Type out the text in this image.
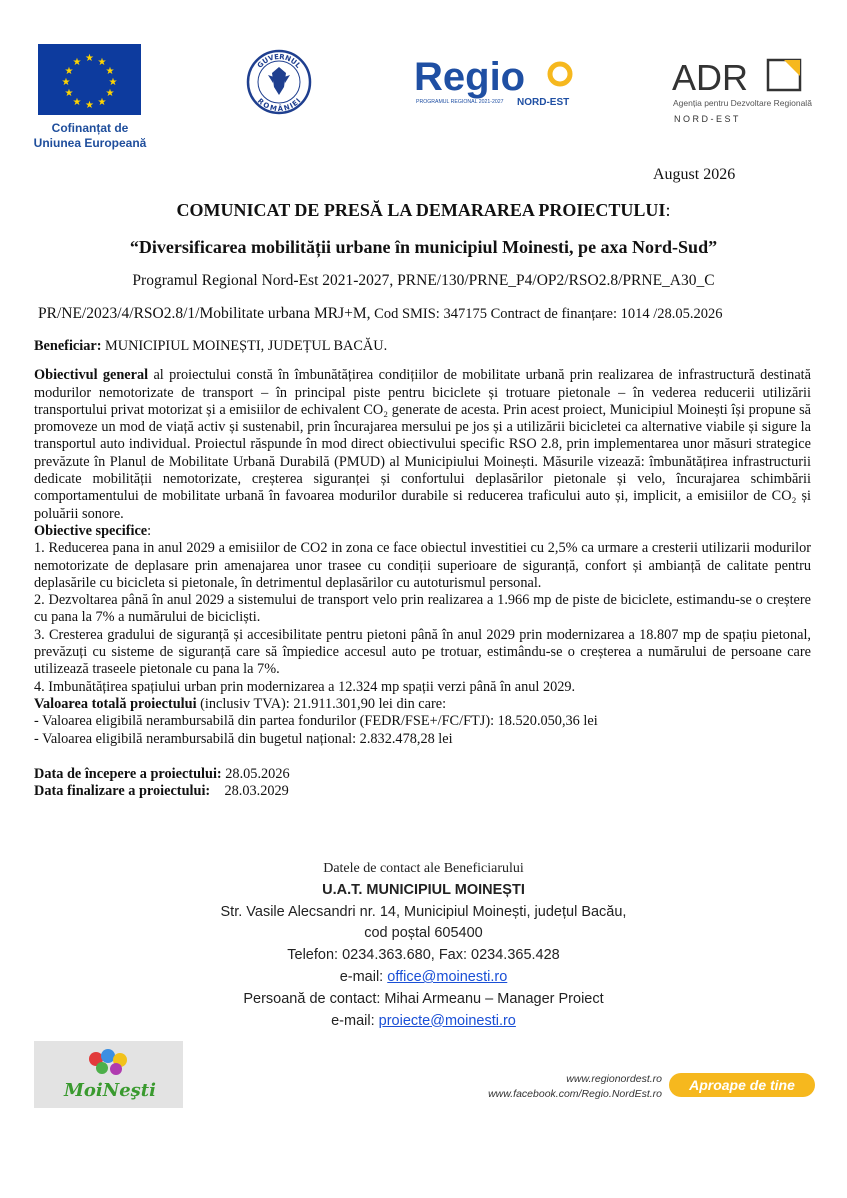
★ ★
★
★
★
★
★
★
★
★
★
★
Cofinanțat de
Uniunea Europeană
GUVERNUL
ROMÂNIEI
Regio
PROGRAMUL REGIONAL 2021-2027 NORD-EST
ADR
Agenția pentru Dezvoltare Regională
N O R D - E S T
August 2026
COMUNICAT DE PRESĂ LA DEMARAREA PROIECTULUI:
“Diversificarea mobilității urbane în municipiul Moinesti, pe axa Nord-Sud”
Programul Regional Nord-Est 2021-2027, PRNE/130/PRNE_P4/OP2/RSO2.8/PRNE_A30_C
PR/NE/2023/4/RSO2.8/1/Mobilitate urbana MRJ+M, Cod SMIS: 347175 Contract de finanțare: 1014 /28.05.2026

Beneficiar: MUNICIPIUL MOINEȘTI, JUDEȚUL BACĂU.

Obiectivul general al proiectului constă în îmbunătățirea condițiilor de mobilitate urbană prin realizarea de infrastructură destinată modurilor nemotorizate de transport – în principal piste pentru biciclete și trotuare pietonale – în vederea reducerii utilizării transportului privat motorizat și a emisiilor de echivalent CO₂ generate de acesta. Prin acest proiect, Municipiul Moinești își propune să promoveze un mod de viață activ și sustenabil, prin încurajarea mersului pe jos și a utilizării bicicletei ca alternative viabile și sigure la transportul auto individual. Proiectul răspunde în mod direct obiectivului specific RSO 2.8, prin implementarea unor măsuri strategice prevăzute în Planul de Mobilitate Urbană Durabilă (PMUD) al Municipiului Moinești. Măsurile vizează: îmbunătățirea infrastructurii dedicate mobilității nemotorizate, creșterea siguranței și confortului deplasărilor pietonale și velo, încurajarea schimbării comportamentului de mobilitate urbană în favoarea modurilor durabile si reducerea traficului auto și, implicit, a emisiilor de CO₂ și poluării sonore.

Obiective specifice:

1. Reducerea pana in anul 2029 a emisiilor de CO2 in zona ce face obiectul investitiei cu 2,5% ca urmare a cresterii utilizarii modurilor nemotorizate de deplasare prin amenajarea unor trasee cu condiții superioare de siguranță, confort și ambianță de calitate pentru deplasările cu bicicleta si pietonale, în detrimentul deplasărilor cu autoturismul personal.

2. Dezvoltarea până în anul 2029 a sistemului de transport velo prin realizarea a 1.966 mp de piste de biciclete, estimandu-se o creștere cu pana la 7% a numărului de bicicliști.

3. Cresterea gradului de siguranță și accesibilitate pentru pietoni până în anul 2029 prin modernizarea a 18.807 mp de spațiu pietonal, prevăzuți cu sisteme de siguranță care să împiedice accesul auto pe trotuar, estimându-se o creșterea a numărului de persoane care utilizează traseele pietonale cu pana la 7%.

4. Imbunătățirea spațiului urban prin modernizarea a 12.324 mp spații verzi până în anul 2029.

Valoarea totală proiectului (inclusiv TVA): 21.911.301,90 lei din care:

- Valoarea eligibilă nerambursabilă din partea fondurilor (FEDR/FSE+/FC/FTJ): 18.520.050,36 lei

- Valoarea eligibilă nerambursabilă din bugetul național: 2.832.478,28 lei

Data de începere a proiectului: 28.05.2026

Data finalizare a proiectului:    28.03.2029

Datele de contact ale Beneficiarului
U.A.T. MUNICIPIUL MOINEȘTI
Str. Vasile Alecsandri nr. 14, Municipiul Moinești, județul Bacău,
cod poștal 605400
Telefon: 0234.363.680, Fax: 0234.365.428
e-mail: office@moinesti.ro
Persoană de contact: Mihai Armeanu – Manager Proiect
e-mail: proiecte@moinesti.ro
MoiNeşti
www.regionordest.ro
www.facebook.com/Regio.NordEst.ro
Aproape de tine
